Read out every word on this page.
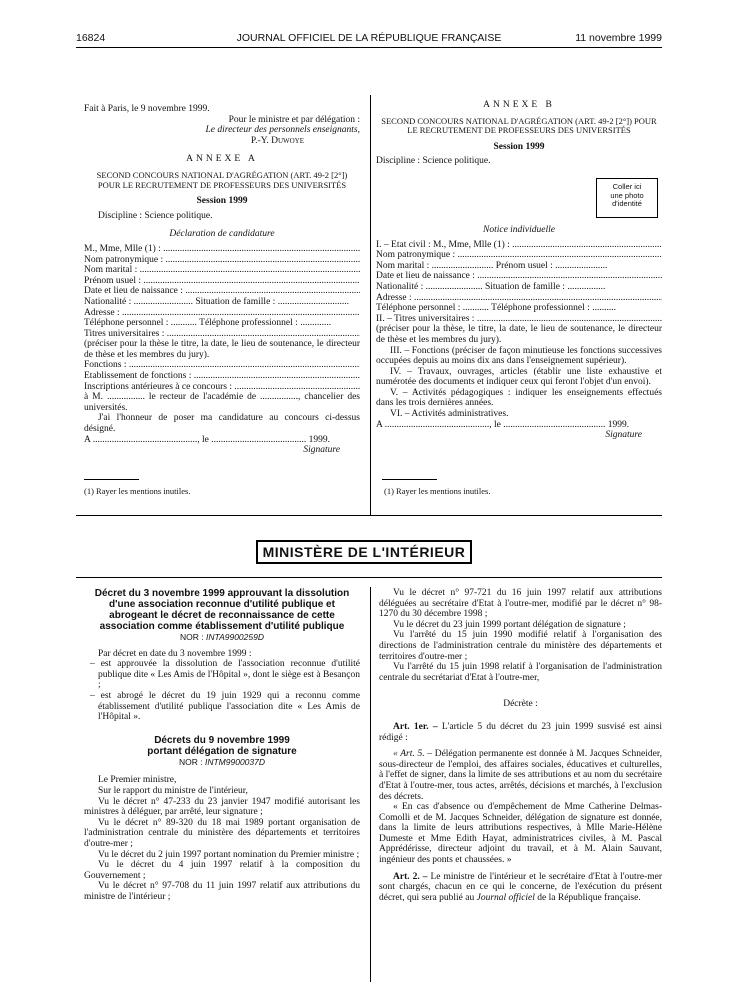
16824	JOURNAL OFFICIEL DE LA RÉPUBLIQUE FRANÇAISE	11 novembre 1999

Fait à Paris, le 9 novembre 1999.

Pour le ministre et par délégation :

Le directeur des personnels enseignants,

P.-Y. Duwoye

ANNEXE A

SECOND CONCOURS NATIONAL D'AGRÉGATION (ART. 49-2 [2°]) POUR LE RECRUTEMENT DE PROFESSEURS DES UNIVERSITÉS

Session 1999

Discipline : Science politique.

Déclaration de candidature

M., Mme, Mlle (1) : .....

Nom patronymique : .....

Nom marital : .....

Prénom usuel : .....

Date et lieu de naissance : .....

Nationalité : ......................... Situation de famille : ..............................

Adresse : .....

Téléphone personnel : ........... Téléphone professionnel : .............

Titres universitaires : .....

(préciser pour la thèse le titre, la date, le lieu de soutenance, le directeur de thèse et les membres du jury).

Fonctions : .....

Etablissement de fonctions : .....

Inscriptions antérieures à ce concours : .....

à M. ................ le recteur de l'académie de ................, chancelier des universités.

J'ai l'honneur de poser ma candidature au concours ci-dessus désigné.

A ............................................, le ........................................ 1999.

Signature

(1) Rayer les mentions inutiles.

ANNEXE B

SECOND CONCOURS NATIONAL D'AGRÉGATION (ART. 49-2 [2°]) POUR LE RECRUTEMENT DE PROFESSEURS DES UNIVERSITÉS

Session 1999

Discipline : Science politique.

Notice individuelle

I. – Etat civil : M., Mme, Mlle (1) : .....

Nom patronymique : .....

Nom marital : .......................... Prénom usuel : ......................

Date et lieu de naissance : .....

Nationalité : ........................ Situation de famille : ................

Adresse : .....

Téléphone personnel : ........... Téléphone professionnel : ..........

II. – Titres universitaires : .....

(préciser pour la thèse, le titre, la date, le lieu de soutenance, le directeur de thèse et les membres du jury).

III. – Fonctions (préciser de façon minutieuse les fonctions successives occupées depuis au moins dix ans dans l'enseignement supérieur).

IV. – Travaux, ouvrages, articles (établir une liste exhaustive et numérotée des documents et indiquer ceux qui feront l'objet d'un envoi).

V. – Activités pédagogiques : indiquer les enseignements effectués dans les trois dernières années.

VI. – Activités administratives.

A ............................................, le ........................................... 1999.

Signature

Coller ici
une photo
d'identité
(1) Rayer les mentions inutiles.
MINISTÈRE DE L'INTÉRIEUR

Décret du 3 novembre 1999 approuvant la dissolution d'une association reconnue d'utilité publique et abrogeant le décret de reconnaissance de cette association comme établissement d'utilité publique

NOR : INTA9900259D

Par décret en date du 3 novembre 1999 :

– est approuvée la dissolution de l'association reconnue d'utilité publique dite « Les Amis de l'Hôpital », dont le siège est à Besançon ;

– est abrogé le décret du 19 juin 1929 qui a reconnu comme établissement d'utilité publique l'association dite « Les Amis de l'Hôpital ».

Décrets du 9 novembre 1999

portant délégation de signature

NOR : INTM9900037D

Le Premier ministre,

Sur le rapport du ministre de l'intérieur,

Vu le décret n° 47-233 du 23 janvier 1947 modifié autorisant les ministres à déléguer, par arrêté, leur signature ;

Vu le décret n° 89-320 du 18 mai 1989 portant organisation de l'administration centrale du ministère des départements et territoires d'outre-mer ;

Vu le décret du 2 juin 1997 portant nomination du Premier ministre ;

Vu le décret du 4 juin 1997 relatif à la composition du Gouvernement ;

Vu le décret n° 97-708 du 11 juin 1997 relatif aux attributions du ministre de l'intérieur ;

Vu le décret n° 97-721 du 16 juin 1997 relatif aux attributions déléguées au secrétaire d'Etat à l'outre-mer, modifié par le décret n° 98-1270 du 30 décembre 1998 ;

Vu le décret du 23 juin 1999 portant délégation de signature ;

Vu l'arrêté du 15 juin 1990 modifié relatif à l'organisation des directions de l'administration centrale du ministère des départements et territoires d'outre-mer ;

Vu l'arrêté du 15 juin 1998 relatif à l'organisation de l'administration centrale du secrétariat d'Etat à l'outre-mer,

Décrète :

Art. 1er. – L'article 5 du décret du 23 juin 1999 susvisé est ainsi rédigé :

« Art. 5. – Délégation permanente est donnée à M. Jacques Schneider, sous-directeur de l'emploi, des affaires sociales, éducatives et culturelles, à l'effet de signer, dans la limite de ses attributions et au nom du secrétaire d'Etat à l'outre-mer, tous actes, arrêtés, décisions et marchés, à l'exclusion des décrets.

« En cas d'absence ou d'empêchement de Mme Catherine Delmas-Comolli et de M. Jacques Schneider, délégation de signature est donnée, dans la limite de leurs attributions respectives, à Mlle Marie-Hélène Dumeste et Mme Edith Hayat, administratrices civiles, à M. Pascal Apprédérisse, directeur adjoint du travail, et à M. Alain Sauvant, ingénieur des ponts et chaussées. »

Art. 2. – Le ministre de l'intérieur et le secrétaire d'Etat à l'outre-mer sont chargés, chacun en ce qui le concerne, de l'exécution du présent décret, qui sera publié au Journal officiel de la République française.
